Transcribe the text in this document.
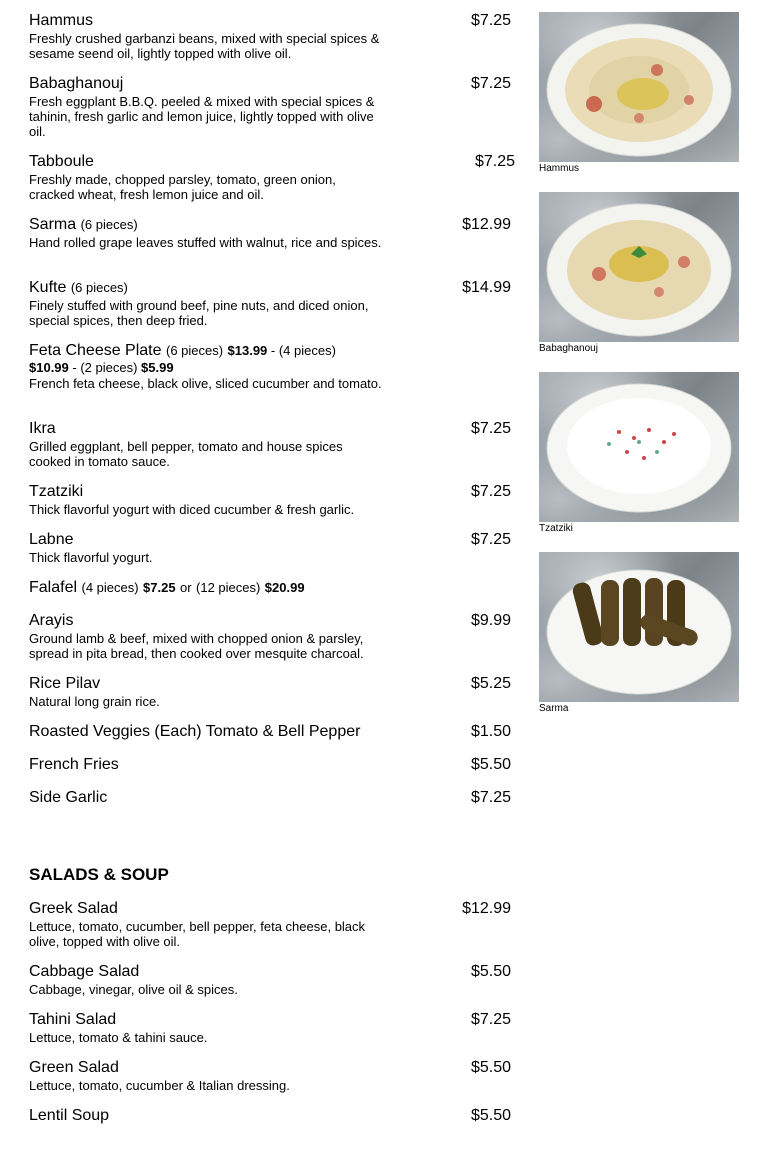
Hammus	$7.25
Freshly crushed garbanzi beans, mixed with special spices & sesame seend oil, lightly topped with olive oil.
Babaghanouj	$7.25
Fresh eggplant B.B.Q. peeled & mixed with special spices & tahinin, fresh garlic and lemon juice, lightly topped with olive oil.
Tabboule	$7.25
Freshly made, chopped parsley, tomato, green onion, cracked wheat, fresh lemon juice and oil.
Sarma (6 pieces)	$12.99
Hand rolled grape leaves stuffed with walnut, rice and spices.
Kufte (6 pieces)	$14.99
Finely stuffed with ground beef, pine nuts, and diced onion, special spices, then deep fried.
Feta Cheese Plate (6 pieces) $13.99 - (4 pieces)
$10.99 - (2 pieces) $5.99
French feta cheese, black olive, sliced cucumber and tomato.
Ikra	$7.25
Grilled eggplant, bell pepper, tomato and house spices cooked in tomato sauce.
Tzatziki	$7.25
Thick flavorful yogurt with diced cucumber & fresh garlic.
Labne	$7.25
Thick flavorful yogurt.
Falafel (4 pieces) $7.25 or (12 pieces) $20.99
Arayis	$9.99
Ground lamb & beef, mixed with chopped onion & parsley, spread in pita bread, then cooked over mesquite charcoal.
Rice Pilav	$5.25
Natural long grain rice.
Roasted Veggies (Each) Tomato & Bell Pepper	$1.50
French Fries	$5.50
Side Garlic	$7.25
SALADS & SOUP
Greek Salad	$12.99
Lettuce, tomato, cucumber, bell pepper, feta cheese, black olive, topped with olive oil.
Cabbage Salad	$5.50
Cabbage, vinegar, olive oil & spices.
Tahini Salad	$7.25
Lettuce, tomato & tahini sauce.
Green Salad	$5.50
Lettuce, tomato, cucumber & Italian dressing.
Lentil Soup	$5.50
Hammus
Babaghanouj
Tzatziki
Sarma
